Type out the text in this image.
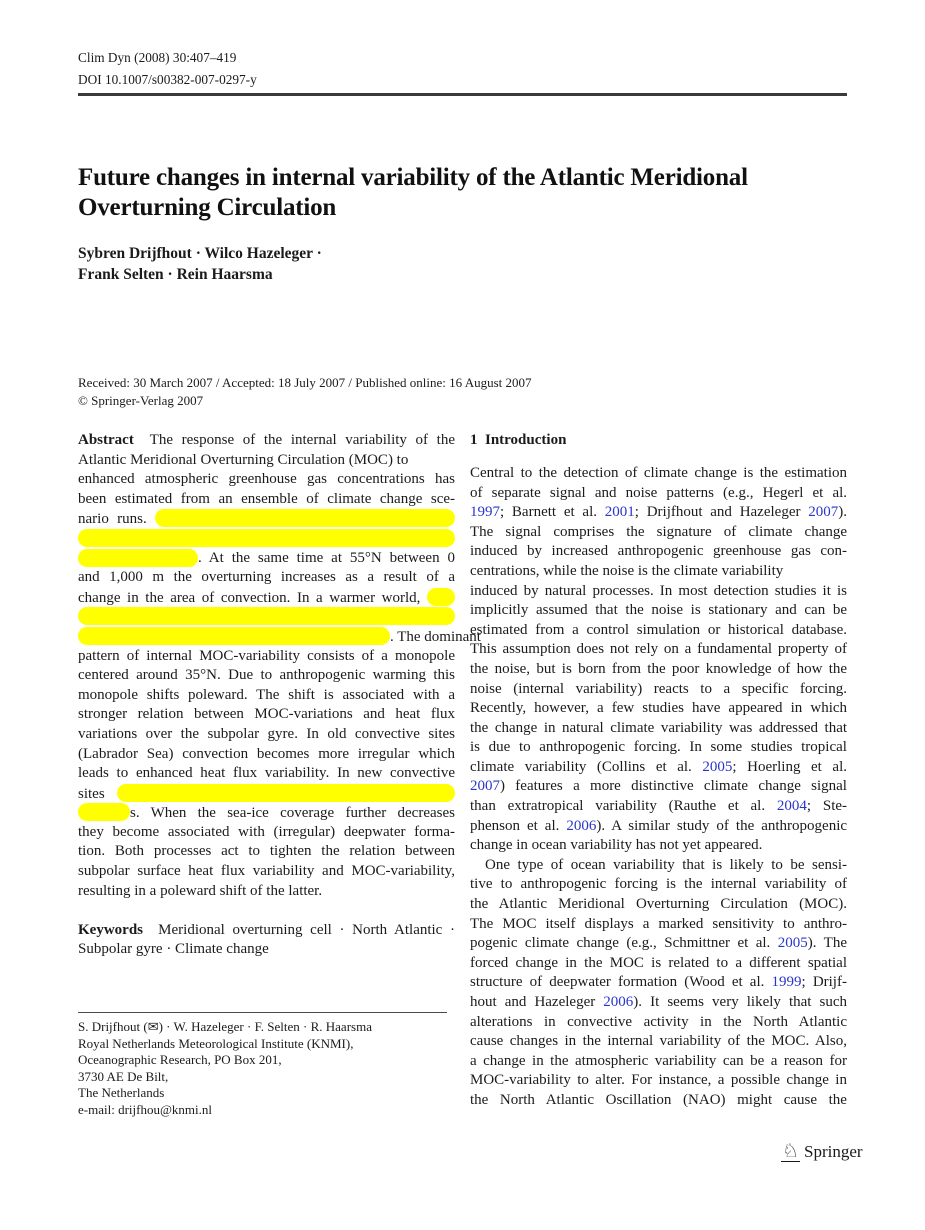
Clim Dyn (2008) 30:407–419
DOI 10.1007/s00382-007-0297-y
Future changes in internal variability of the Atlantic Meridional
Overturning Circulation
Sybren Drijfhout · Wilco Hazeleger ·
Frank Selten · Rein Haarsma
Received: 30 March 2007 / Accepted: 18 July 2007 / Published online: 16 August 2007
© Springer-Verlag 2007
Abstract  The response of the internal variability of the
Atlantic Meridional Overturning Circulation (MOC) to
enhanced atmospheric greenhouse gas concentrations has
been estimated from an ensemble of climate change sce-
nario runs.
. At the same time at 55°N between 0
and 1,000 m the overturning increases as a result of a
change in the area of convection. In a warmer world,
. The dominant
pattern of internal MOC-variability consists of a monopole
centered around 35°N. Due to anthropogenic warming this
monopole shifts poleward. The shift is associated with a
stronger relation between MOC-variations and heat flux
variations over the subpolar gyre. In old convective sites
(Labrador Sea) convection becomes more irregular which
leads to enhanced heat flux variability. In new convective
sites
s. When the sea-ice coverage further decreases
they become associated with (irregular) deepwater forma-
tion. Both processes act to tighten the relation between
subpolar surface heat flux variability and MOC-variability,
resulting in a poleward shift of the latter.
Keywords  Meridional overturning cell · North Atlantic ·
Subpolar gyre · Climate change
1 Introduction
Central to the detection of climate change is the estimation
of separate signal and noise patterns (e.g., Hegerl et al.
1997; Barnett et al. 2001; Drijfhout and Hazeleger 2007).
The signal comprises the signature of climate change
induced by increased anthropogenic greenhouse gas con-
centrations, while the noise is the climate variability
induced by natural processes. In most detection studies it is
implicitly assumed that the noise is stationary and can be
estimated from a control simulation or historical database.
This assumption does not rely on a fundamental property of
the noise, but is born from the poor knowledge of how the
noise (internal variability) reacts to a specific forcing.
Recently, however, a few studies have appeared in which
the change in natural climate variability was addressed that
is due to anthropogenic forcing. In some studies tropical
climate variability (Collins et al. 2005; Hoerling et al.
2007) features a more distinctive climate change signal
than extratropical variability (Rauthe et al. 2004; Ste-
phenson et al. 2006). A similar study of the anthropogenic
change in ocean variability has not yet appeared.
 One type of ocean variability that is likely to be sensi-
tive to anthropogenic forcing is the internal variability of
the Atlantic Meridional Overturning Circulation (MOC).
The MOC itself displays a marked sensitivity to anthro-
pogenic climate change (e.g., Schmittner et al. 2005). The
forced change in the MOC is related to a different spatial
structure of deepwater formation (Wood et al. 1999; Drijf-
hout and Hazeleger 2006). It seems very likely that such
alterations in convective activity in the North Atlantic
cause changes in the internal variability of the MOC. Also,
a change in the atmospheric variability can be a reason for
MOC-variability to alter. For instance, a possible change in
the North Atlantic Oscillation (NAO) might cause the
S. Drijfhout (✉) · W. Hazeleger · F. Selten · R. Haarsma
Royal Netherlands Meteorological Institute (KNMI),
Oceanographic Research, PO Box 201,
3730 AE De Bilt,
The Netherlands
e-mail: drijfhou@knmi.nl
♘ Springer
